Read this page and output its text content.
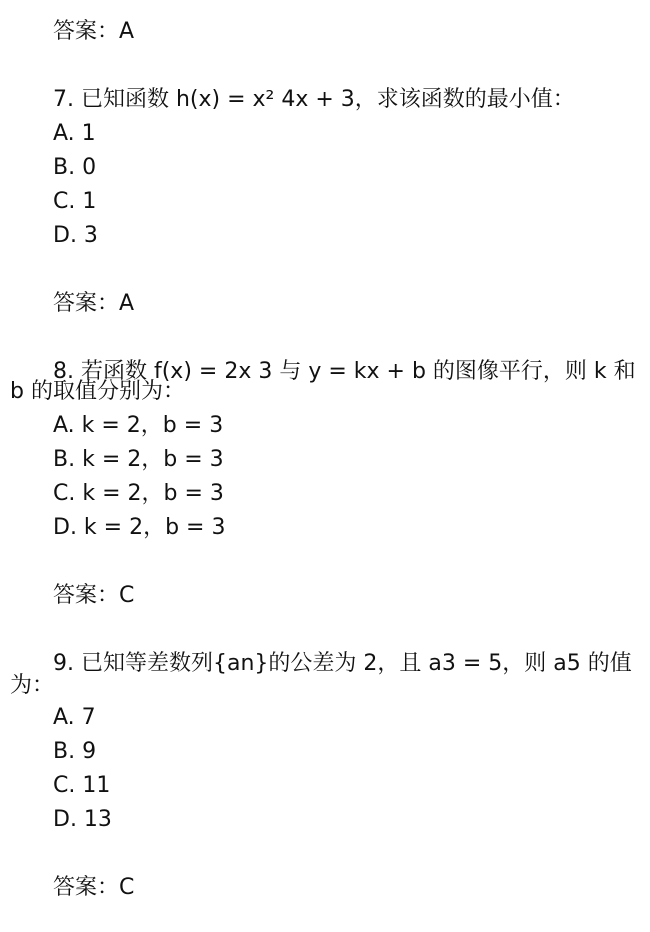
答案：A
7. 已知函数 h(x) = x² 4x + 3，求该函数的最小值：
A. 1
B. 0
C. 1
D. 3
答案：A
8. 若函数 f(x) = 2x 3 与 y = kx + b 的图像平行，则 k 和
b 的取值分别为：
A. k = 2，b = 3
B. k = 2，b = 3
C. k = 2，b = 3
D. k = 2，b = 3
答案：C
9. 已知等差数列{an}的公差为 2，且 a3 = 5，则 a5 的值
为：
A. 7
B. 9
C. 11
D. 13
答案：C
